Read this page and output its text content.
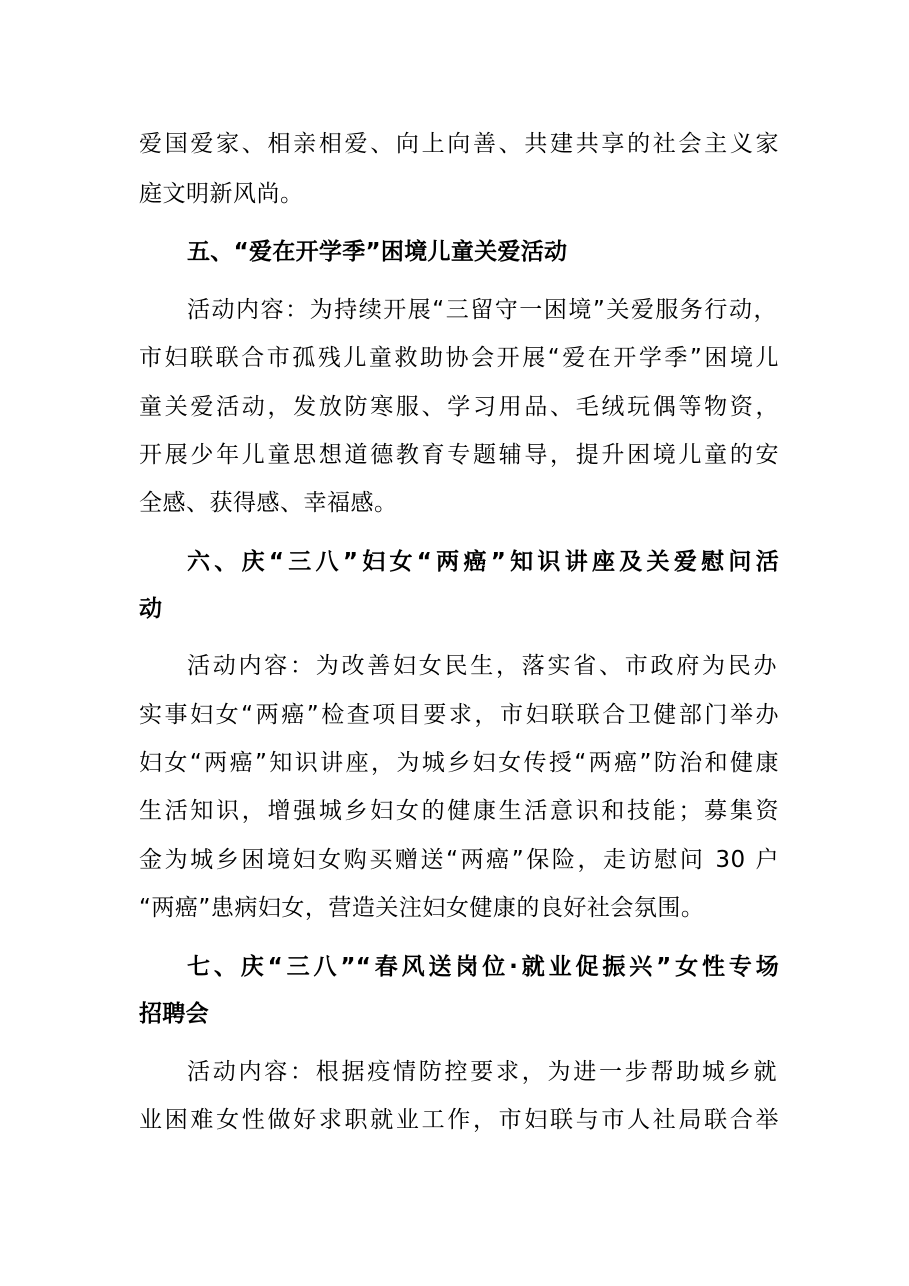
爱国爱家、相亲相爱、向上向善、共建共享的社会主义家
庭文明新风尚。
五、“爱在开学季”困境儿童关爱活动
活动内容：为持续开展“三留守一困境”关爱服务行动，
市妇联联合市孤残儿童救助协会开展“爱在开学季”困境儿
童关爱活动，发放防寒服、学习用品、毛绒玩偶等物资，
开展少年儿童思想道德教育专题辅导，提升困境儿童的安
全感、获得感、幸福感。
六、庆“三八”妇女“两癌”知识讲座及关爱慰问活
动
活动内容：为改善妇女民生，落实省、市政府为民办
实事妇女“两癌”检查项目要求，市妇联联合卫健部门举办
妇女“两癌”知识讲座，为城乡妇女传授“两癌”防治和健康
生活知识，增强城乡妇女的健康生活意识和技能；募集资
金为城乡困境妇女购买赠送“两癌”保险，走访慰问 30 户
“两癌”患病妇女，营造关注妇女健康的良好社会氛围。
七、庆“三八”“春风送岗位·就业促振兴”女性专场
招聘会
活动内容：根据疫情防控要求，为进一步帮助城乡就
业困难女性做好求职就业工作，市妇联与市人社局联合举
